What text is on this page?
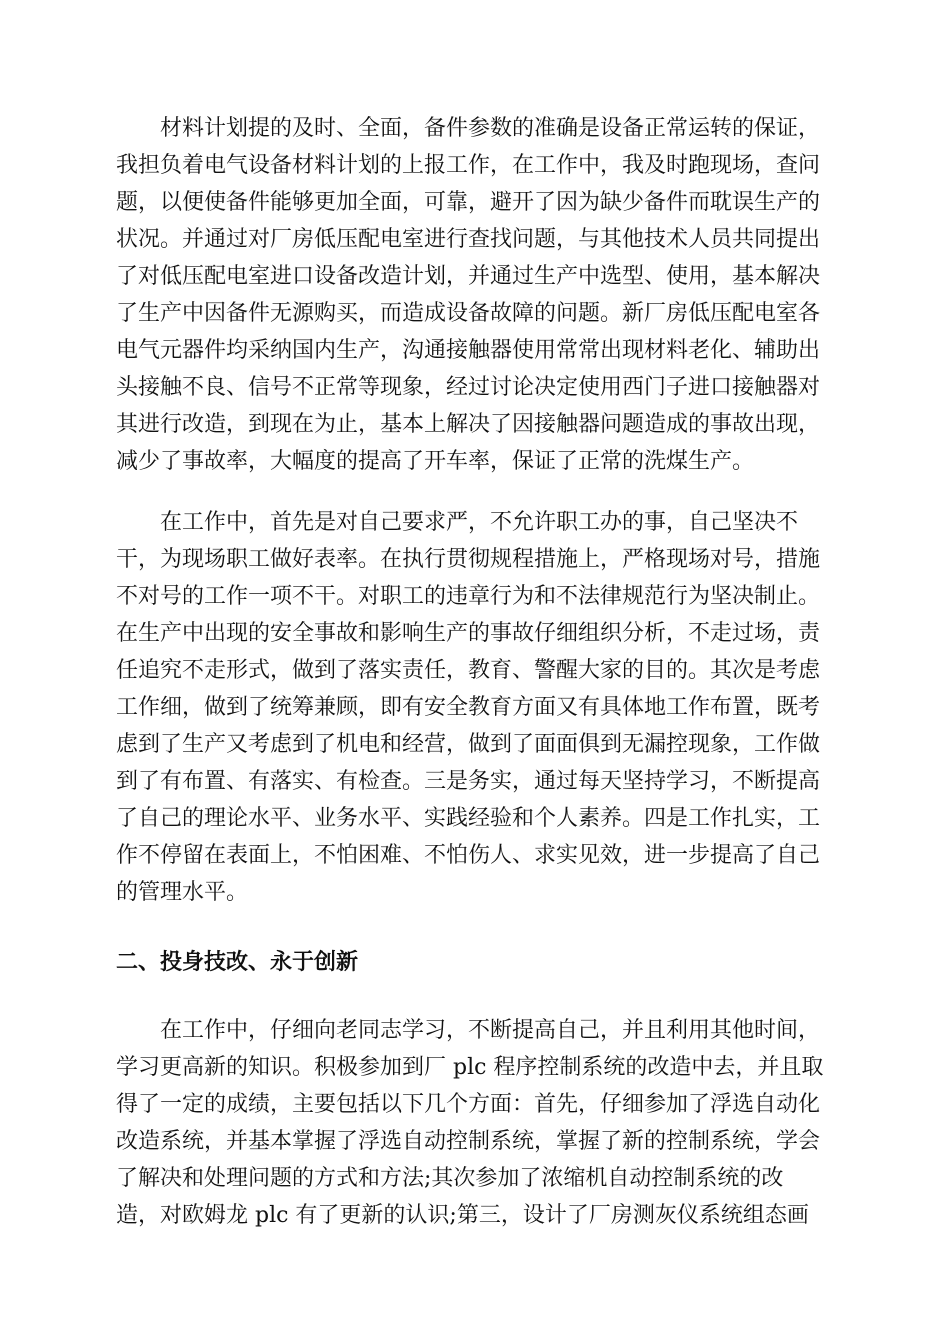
　　材料计划提的及时、全面，备件参数的准确是设备正常运转的保证，
我担负着电气设备材料计划的上报工作，在工作中，我及时跑现场，查问
题，以便使备件能够更加全面，可靠，避开了因为缺少备件而耽误生产的
状况。并通过对厂房低压配电室进行查找问题，与其他技术人员共同提出
了对低压配电室进口设备改造计划，并通过生产中选型、使用，基本解决
了生产中因备件无源购买，而造成设备故障的问题。新厂房低压配电室各
电气元器件均采纳国内生产，沟通接触器使用常常出现材料老化、辅助出
头接触不良、信号不正常等现象，经过讨论决定使用西门子进口接触器对
其进行改造，到现在为止，基本上解决了因接触器问题造成的事故出现，
减少了事故率，大幅度的提高了开车率，保证了正常的洗煤生产。
　　在工作中，首先是对自己要求严，不允许职工办的事，自己坚决不
干，为现场职工做好表率。在执行贯彻规程措施上，严格现场对号，措施
不对号的工作一项不干。对职工的违章行为和不法律规范行为坚决制止。
在生产中出现的安全事故和影响生产的事故仔细组织分析，不走过场，责
任追究不走形式，做到了落实责任，教育、警醒大家的目的。其次是考虑
工作细，做到了统筹兼顾，即有安全教育方面又有具体地工作布置，既考
虑到了生产又考虑到了机电和经营，做到了面面俱到无漏控现象，工作做
到了有布置、有落实、有检查。三是务实，通过每天坚持学习，不断提高
了自己的理论水平、业务水平、实践经验和个人素养。四是工作扎实，工
作不停留在表面上，不怕困难、不怕伤人、求实见效，进一步提高了自己
的管理水平。
二、投身技改、永于创新
　　在工作中，仔细向老同志学习，不断提高自己，并且利用其他时间，
学习更高新的知识。积极参加到厂 plc 程序控制系统的改造中去，并且取
得了一定的成绩，主要包括以下几个方面：首先，仔细参加了浮选自动化
改造系统，并基本掌握了浮选自动控制系统，掌握了新的控制系统，学会
了解决和处理问题的方式和方法;其次参加了浓缩机自动控制系统的改
造，对欧姆龙 plc 有了更新的认识;第三，设计了厂房测灰仪系统组态画
